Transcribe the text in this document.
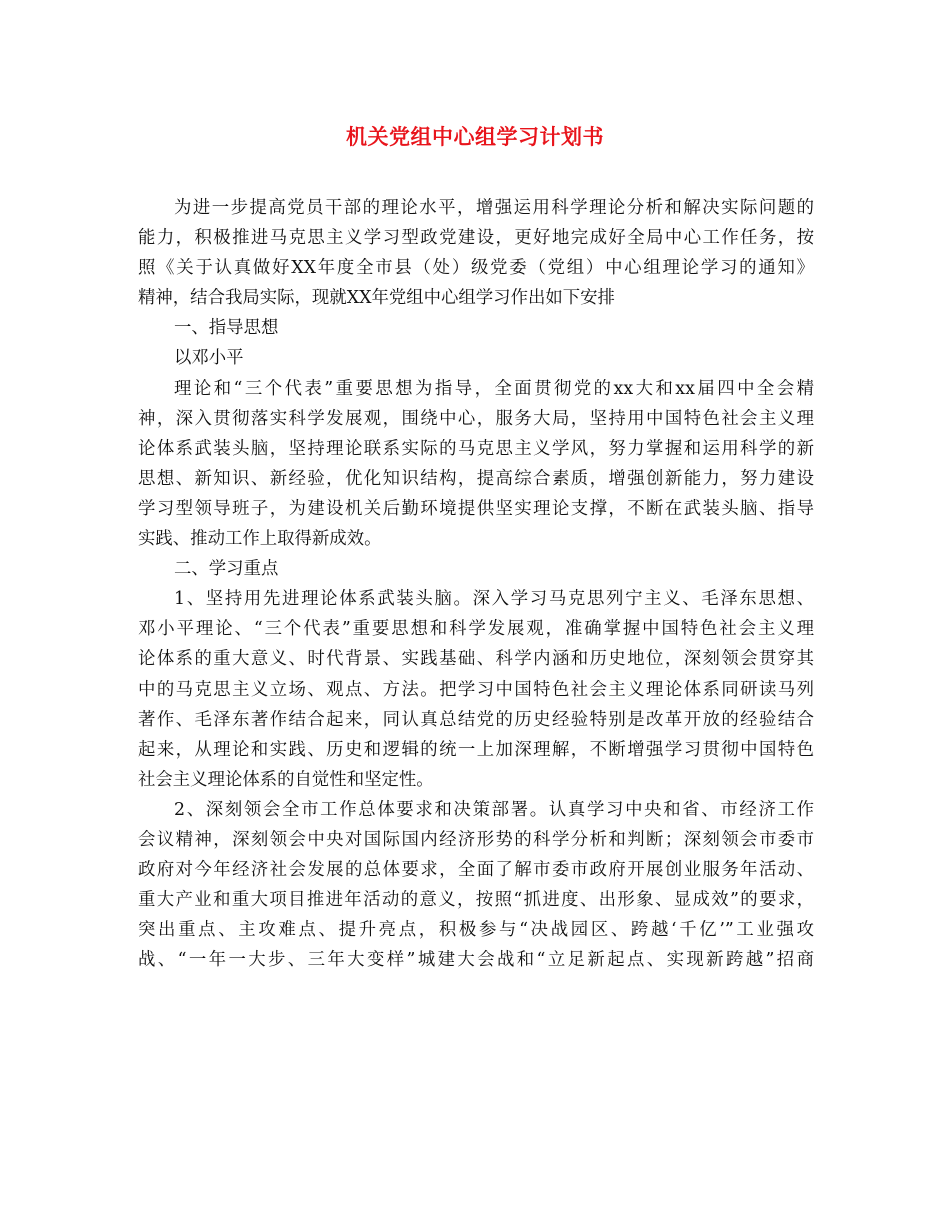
机关党组中心组学习计划书
为进一步提高党员干部的理论水平，增强运用科学理论分析和解决实际问题的
能力，积极推进马克思主义学习型政党建设，更好地完成好全局中心工作任务，按
照《关于认真做好XX年度全市县（处）级党委（党组）中心组理论学习的通知》
精神，结合我局实际，现就XX年党组中心组学习作出如下安排
一、指导思想
以邓小平
理论和“三个代表”重要思想为指导，全面贯彻党的xx大和xx届四中全会精
神，深入贯彻落实科学发展观，围绕中心，服务大局，坚持用中国特色社会主义理
论体系武装头脑，坚持理论联系实际的马克思主义学风，努力掌握和运用科学的新
思想、新知识、新经验，优化知识结构，提高综合素质，增强创新能力，努力建设
学习型领导班子，为建设机关后勤环境提供坚实理论支撑，不断在武装头脑、指导
实践、推动工作上取得新成效。
二、学习重点
1、坚持用先进理论体系武装头脑。深入学习马克思列宁主义、毛泽东思想、
邓小平理论、“三个代表”重要思想和科学发展观，准确掌握中国特色社会主义理
论体系的重大意义、时代背景、实践基础、科学内涵和历史地位，深刻领会贯穿其
中的马克思主义立场、观点、方法。把学习中国特色社会主义理论体系同研读马列
著作、毛泽东著作结合起来，同认真总结党的历史经验特别是改革开放的经验结合
起来，从理论和实践、历史和逻辑的统一上加深理解，不断增强学习贯彻中国特色
社会主义理论体系的自觉性和坚定性。
2、深刻领会全市工作总体要求和决策部署。认真学习中央和省、市经济工作
会议精神，深刻领会中央对国际国内经济形势的科学分析和判断；深刻领会市委市
政府对今年经济社会发展的总体要求，全面了解市委市政府开展创业服务年活动、
重大产业和重大项目推进年活动的意义，按照“抓进度、出形象、显成效”的要求，
突出重点、主攻难点、提升亮点，积极参与“决战园区、跨越‘千亿’”工业强攻
战、“一年一大步、三年大变样”城建大会战和“立足新起点、实现新跨越”招商
